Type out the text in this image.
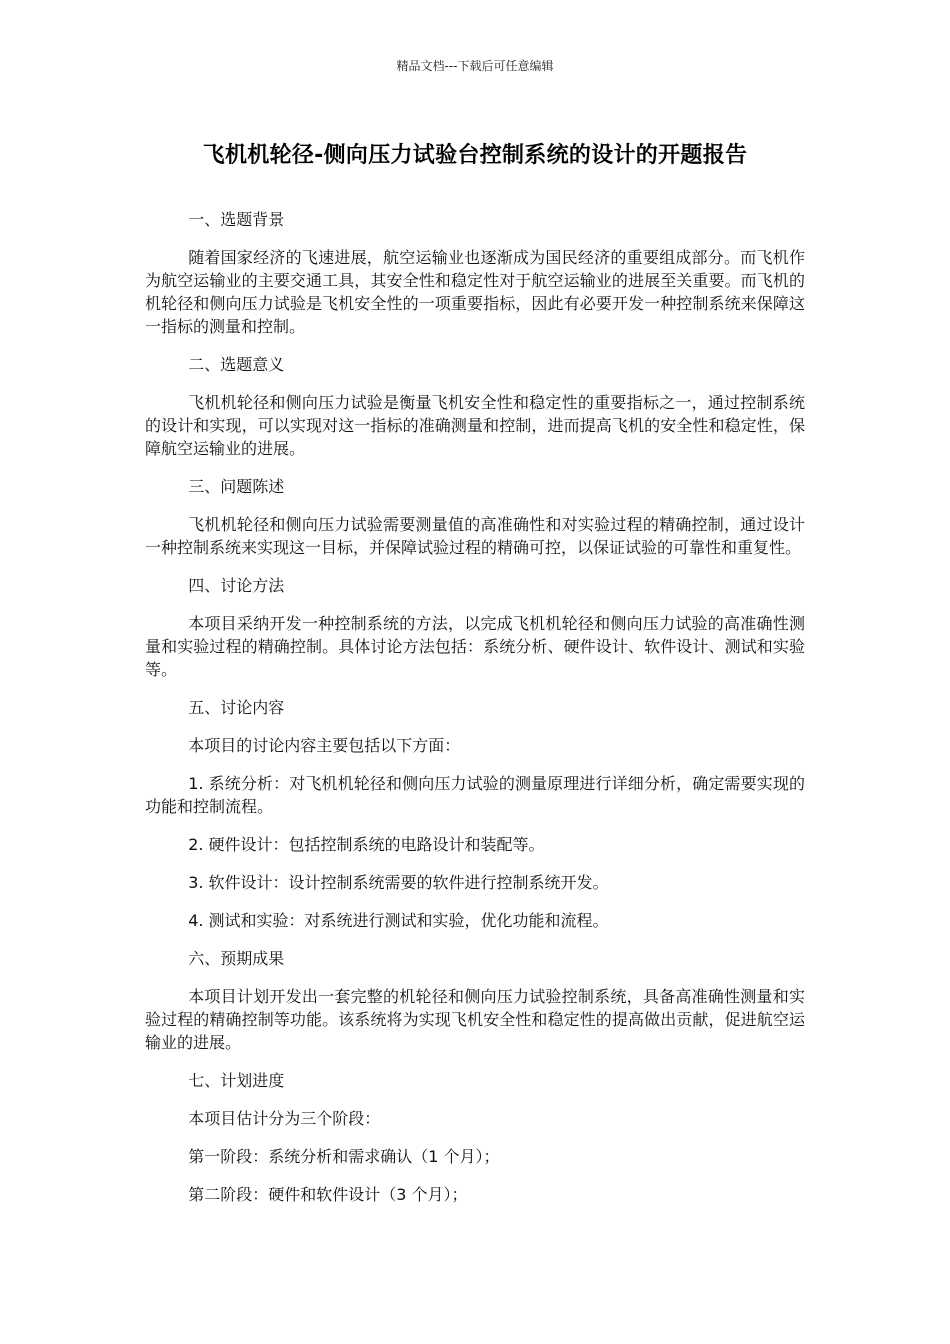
精品文档---下载后可任意编辑
飞机机轮径-侧向压力试验台控制系统的设计的开题报告

一、选题背景

随着国家经济的飞速进展，航空运输业也逐渐成为国民经济的重要组成部分。而飞机作为航空运输业的主要交通工具，其安全性和稳定性对于航空运输业的进展至关重要。而飞机的机轮径和侧向压力试验是飞机安全性的一项重要指标，因此有必要开发一种控制系统来保障这一指标的测量和控制。

二、选题意义

飞机机轮径和侧向压力试验是衡量飞机安全性和稳定性的重要指标之一，通过控制系统的设计和实现，可以实现对这一指标的准确测量和控制，进而提高飞机的安全性和稳定性，保障航空运输业的进展。

三、问题陈述

飞机机轮径和侧向压力试验需要测量值的高准确性和对实验过程的精确控制，通过设计一种控制系统来实现这一目标，并保障试验过程的精确可控，以保证试验的可靠性和重复性。

四、讨论方法

本项目采纳开发一种控制系统的方法，以完成飞机机轮径和侧向压力试验的高准确性测量和实验过程的精确控制。具体讨论方法包括：系统分析、硬件设计、软件设计、测试和实验等。

五、讨论内容

本项目的讨论内容主要包括以下方面：

1. 系统分析：对飞机机轮径和侧向压力试验的测量原理进行详细分析，确定需要实现的功能和控制流程。

2. 硬件设计：包括控制系统的电路设计和装配等。

3. 软件设计：设计控制系统需要的软件进行控制系统开发。

4. 测试和实验：对系统进行测试和实验，优化功能和流程。

六、预期成果

本项目计划开发出一套完整的机轮径和侧向压力试验控制系统，具备高准确性测量和实验过程的精确控制等功能。该系统将为实现飞机安全性和稳定性的提高做出贡献，促进航空运输业的进展。

七、计划进度

本项目估计分为三个阶段：

第一阶段：系统分析和需求确认（1 个月）；

第二阶段：硬件和软件设计（3 个月）；
